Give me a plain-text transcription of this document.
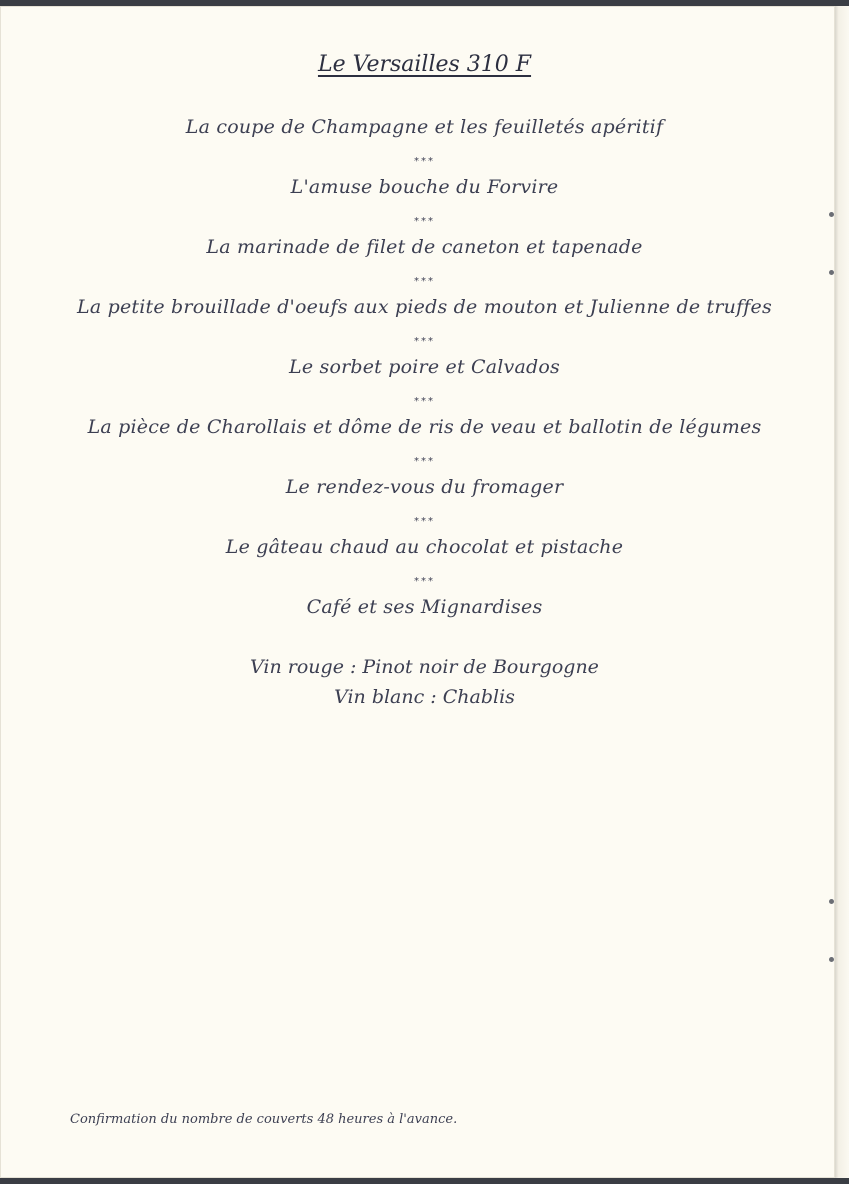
Le Versailles 310 F
La coupe de Champagne et les feuilletés apéritif
***
L'amuse bouche du Forvire
***
La marinade de filet de caneton et tapenade
***
La petite brouillade d'oeufs aux pieds de mouton et Julienne de truffes
***
Le sorbet poire et Calvados
***
La pièce de Charollais et dôme de ris de veau et ballotin de légumes
***
Le rendez-vous du fromager
***
Le gâteau chaud au chocolat et pistache
***
Café et ses Mignardises
Vin rouge : Pinot noir de Bourgogne
Vin blanc : Chablis
Confirmation du nombre de couverts 48 heures à l'avance.
